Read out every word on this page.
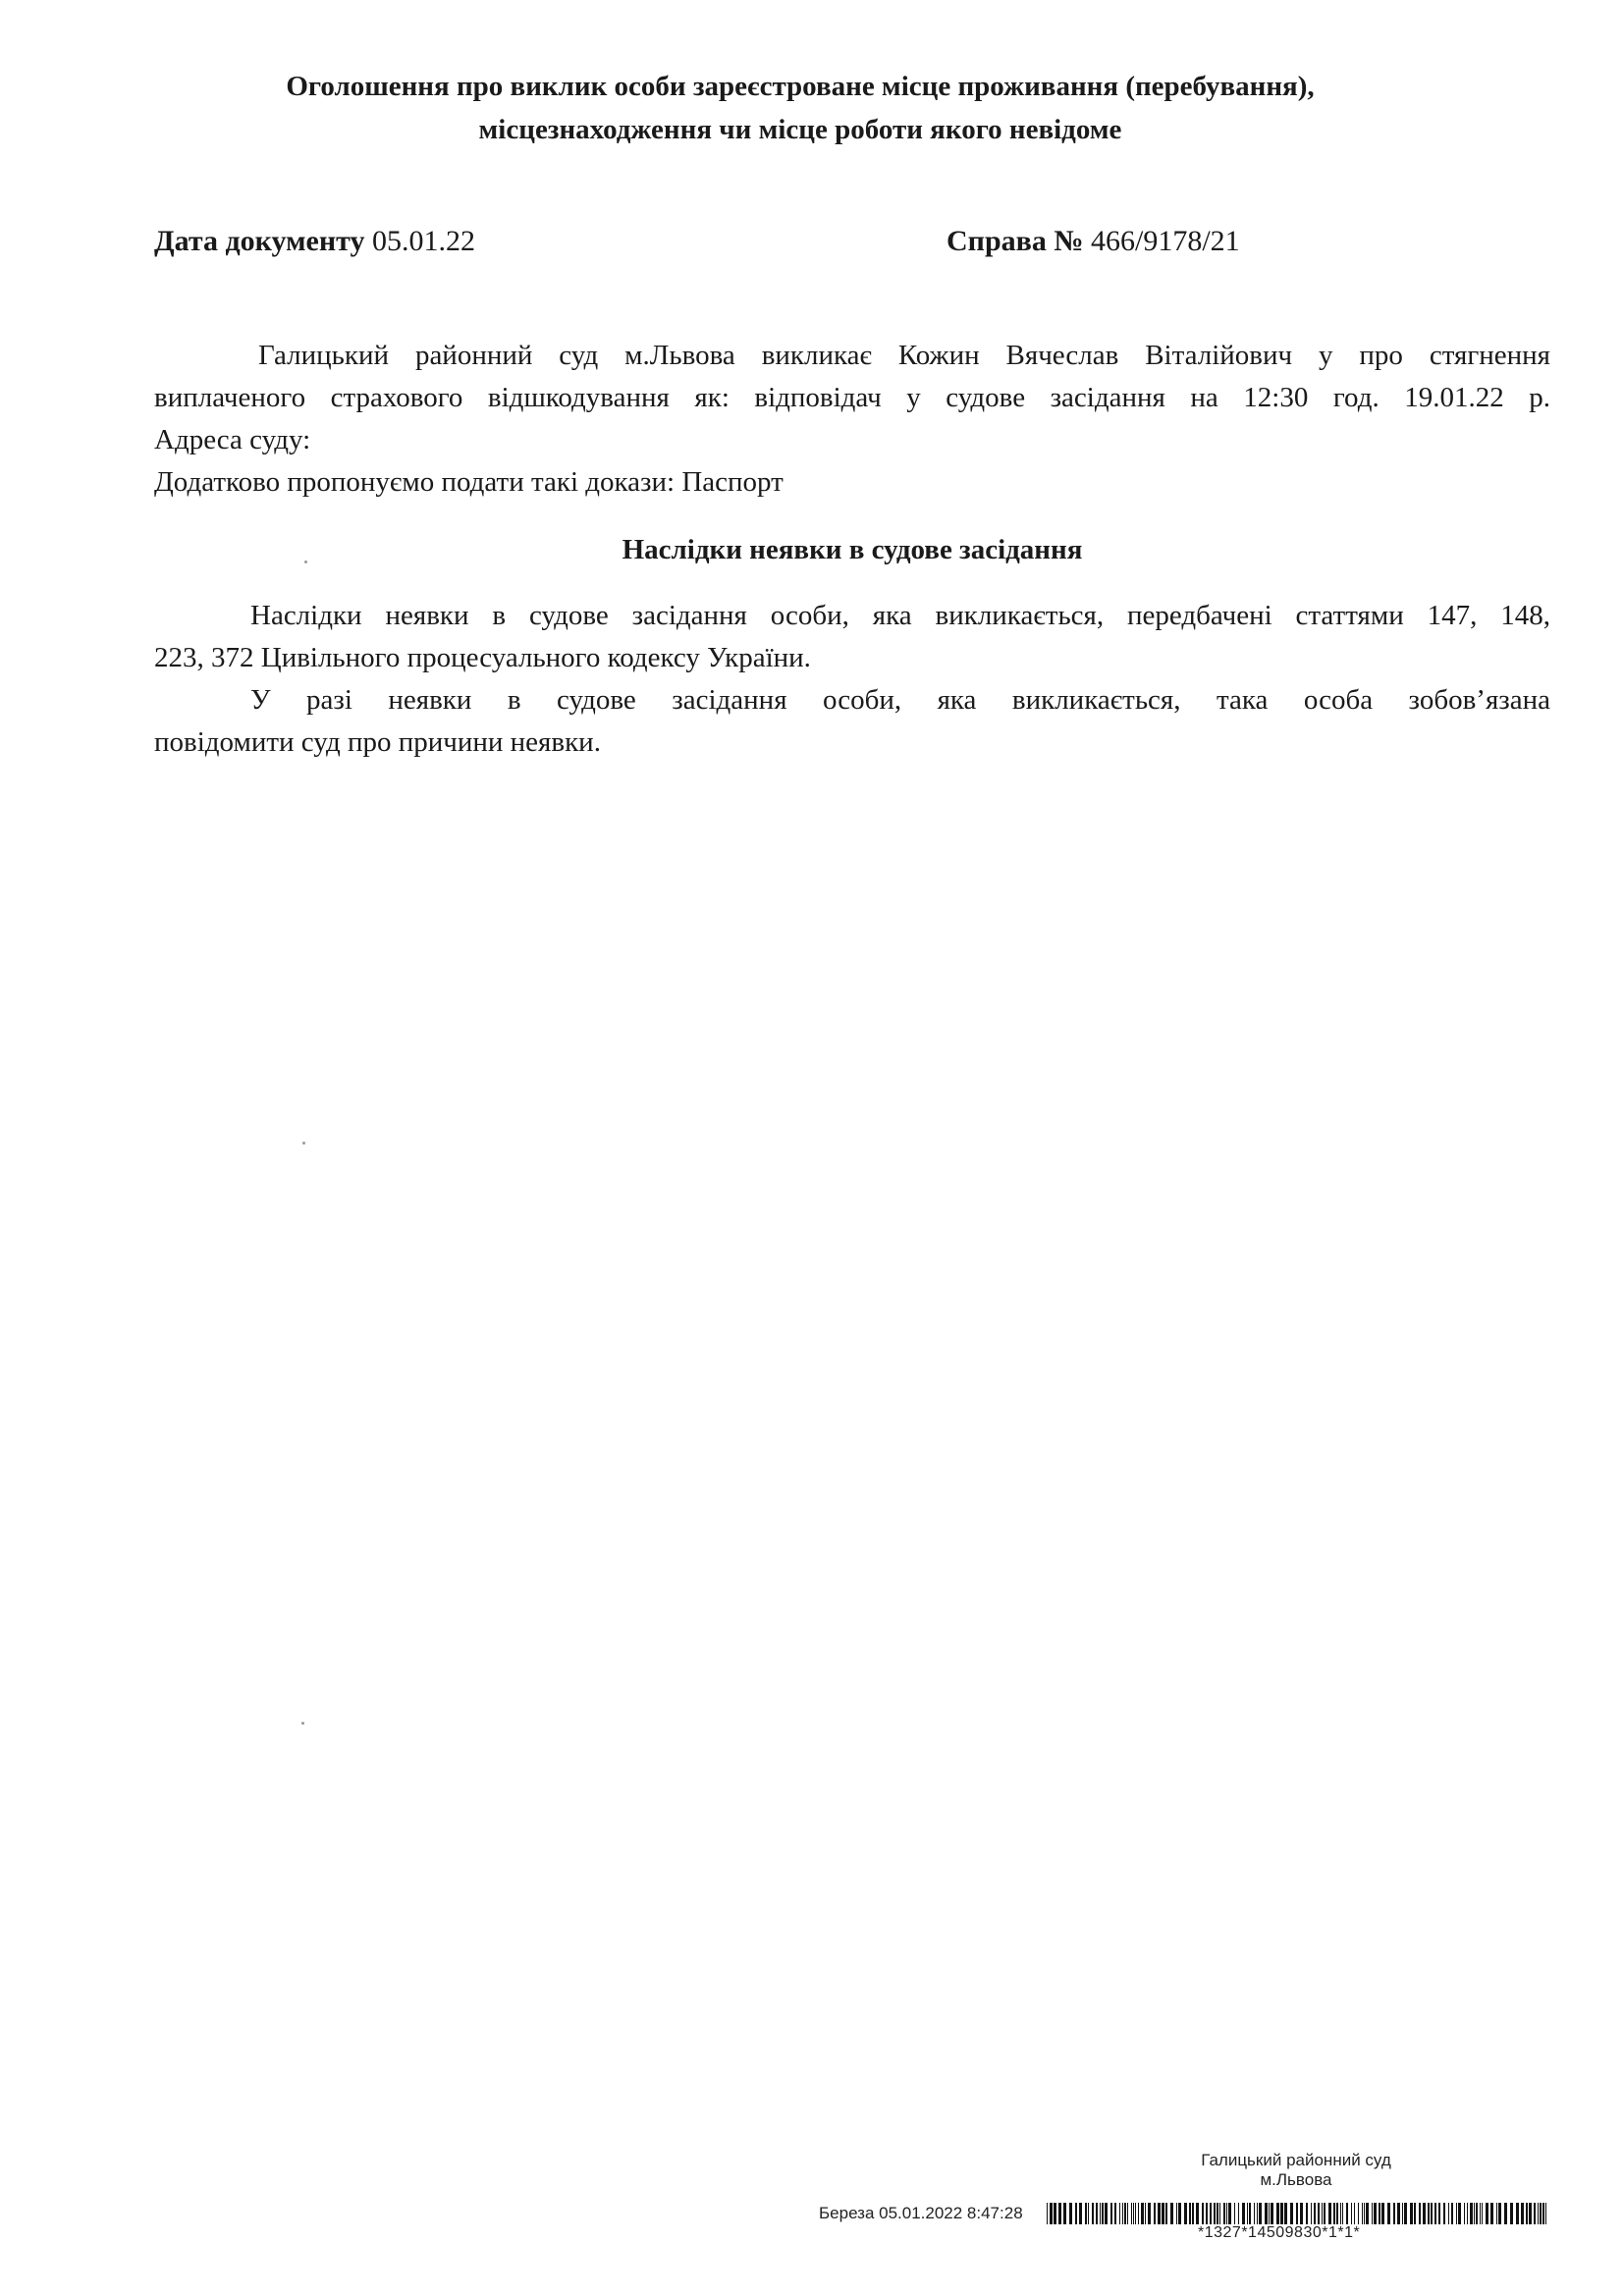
Оголошення про виклик особи зареєстроване місце проживання (перебування),
місцезнаходження чи місце роботи якого невідоме
Дата документу 05.01.22	Справа № 466/9178/21
Галицький районний суд м.Львова викликає Кожин Вячеслав Віталійович у про стягнення
виплаченого страхового відшкодування як: відповідач у судове засідання на 12:30 год. 19.01.22 р.
Адреса суду:
Додатково пропонуємо подати такі докази: Паспорт
Наслідки неявки в судове засідання
Наслідки неявки в судове засідання особи, яка викликається, передбачені статтями 147, 148,
223, 372 Цивільного процесуального кодексу України.
У разі неявки в судове засідання особи, яка викликається, така особа зобов’язана
повідомити суд про причини неявки.
Галицький районний суд
м.Львова
Береза 05.01.2022 8:47:28
*1327*14509830*1*1*
